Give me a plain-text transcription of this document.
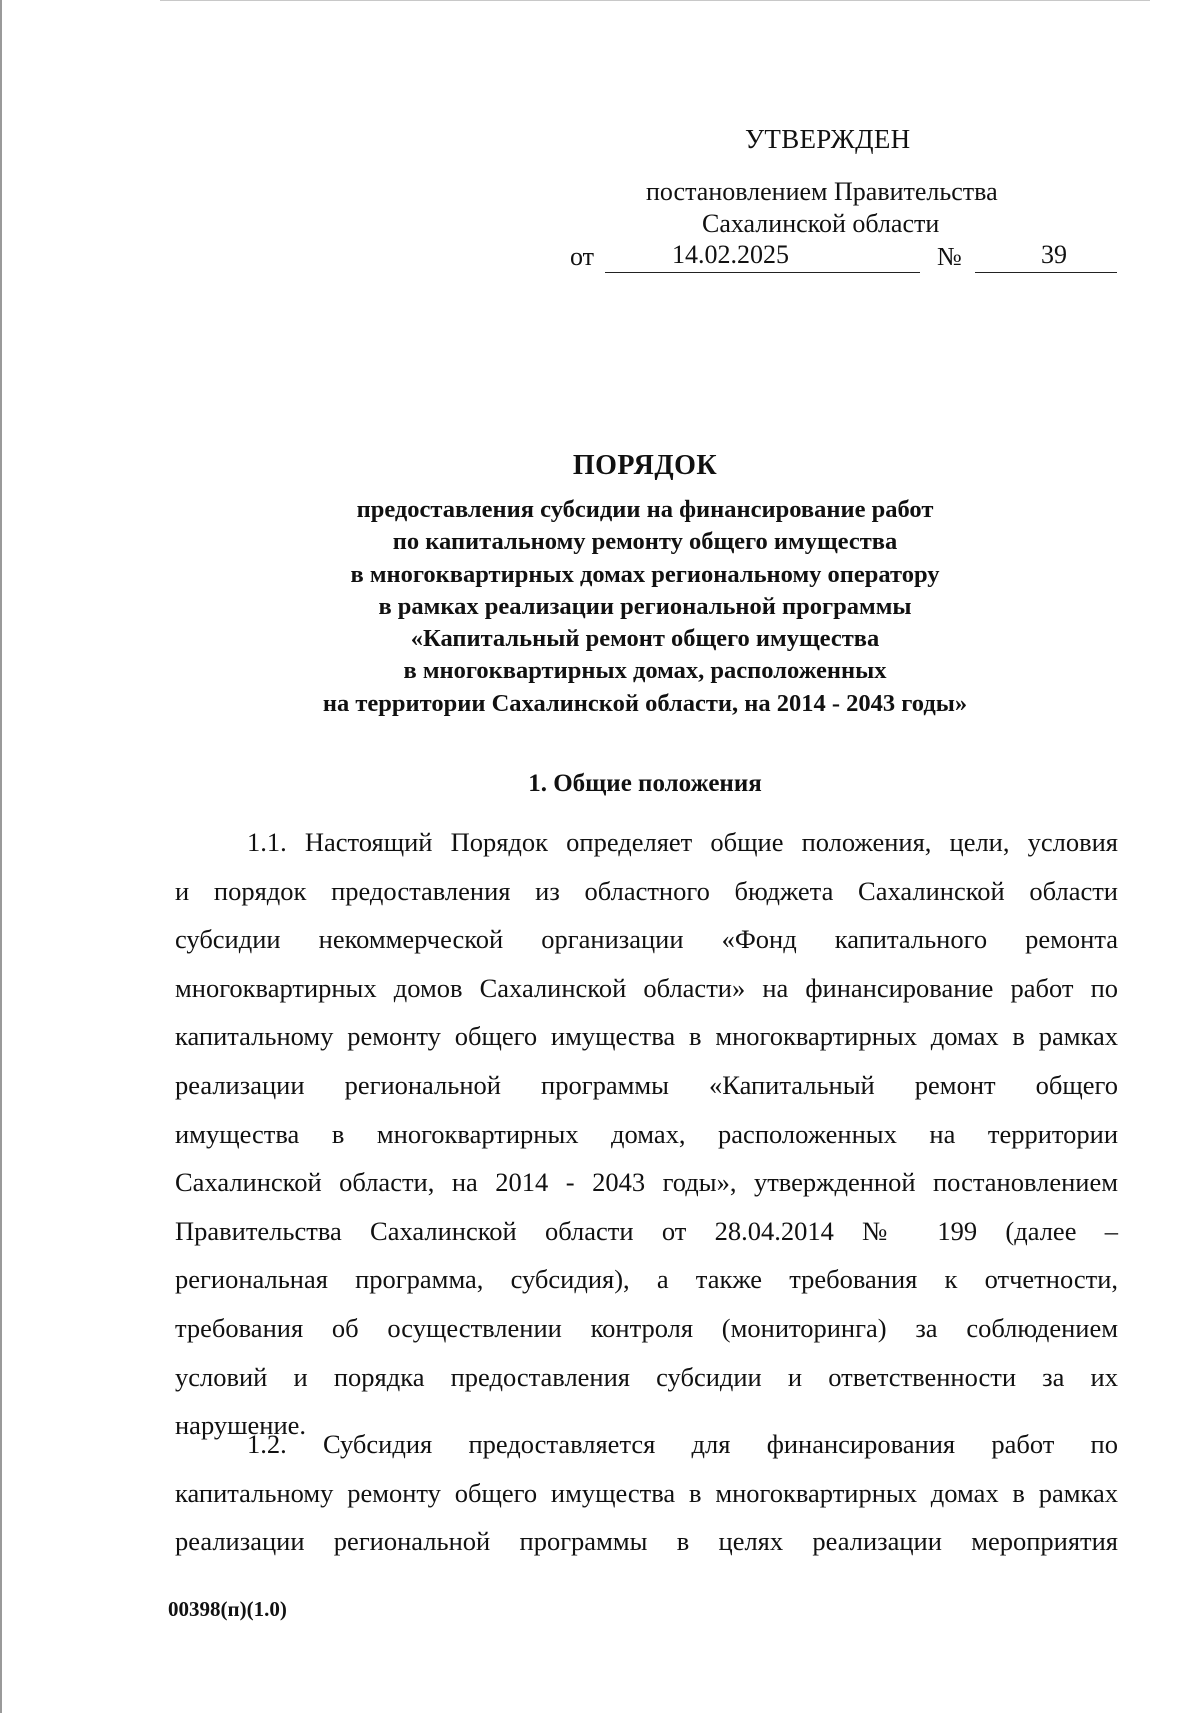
УТВЕРЖДЕН
постановлением Правительства
Сахалинской области
от	14.02.2025	№	39
ПОРЯДОК
предоставления субсидии на финансирование работ
по капитальному ремонту общего имущества
в многоквартирных домах региональному оператору
в рамках реализации региональной программы
«Капитальный ремонт общего имущества
в многоквартирных домах, расположенных
на территории Сахалинской области, на 2014 - 2043 годы»
1. Общие положения
1.1. Настоящий Порядок определяет общие положения, цели, условия
и порядок предоставления из областного бюджета Сахалинской области
субсидии некоммерческой организации «Фонд капитального ремонта
многоквартирных домов Сахалинской области» на финансирование работ по
капитальному ремонту общего имущества в многоквартирных домах в рамках
реализации региональной программы «Капитальный ремонт общего
имущества в многоквартирных домах, расположенных на территории
Сахалинской области, на 2014 - 2043 годы», утвержденной постановлением
Правительства Сахалинской области от 28.04.2014 № 199 (далее –
региональная программа, субсидия), а также требования к отчетности,
требования об осуществлении контроля (мониторинга) за соблюдением
условий и порядка предоставления субсидии и ответственности за их
нарушение.
1.2. Субсидия предоставляется для финансирования работ по
капитальному ремонту общего имущества в многоквартирных домах в рамках
реализации региональной программы в целях реализации мероприятия
00398(п)(1.0)
